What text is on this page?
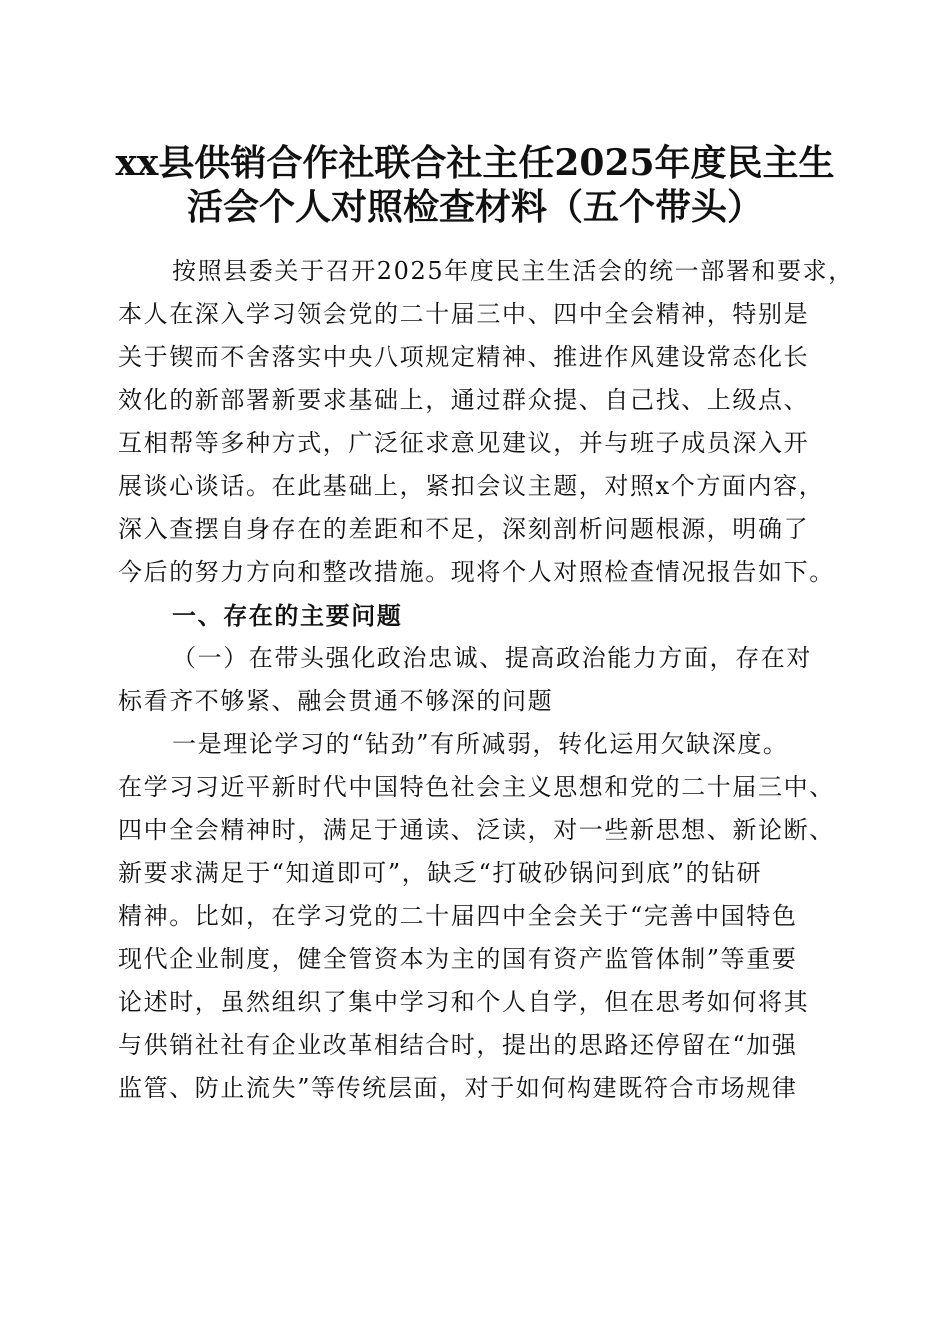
xx县供销合作社联合社主任2025年度民主生
活会个人对照检查材料（五个带头）
按照县委关于召开2025年度民主生活会的统一部署和要求，
本人在深入学习领会党的二十届三中、四中全会精神，特别是
关于锲而不舍落实中央八项规定精神、推进作风建设常态化长
效化的新部署新要求基础上，通过群众提、自己找、上级点、
互相帮等多种方式，广泛征求意见建议，并与班子成员深入开
展谈心谈话。在此基础上，紧扣会议主题，对照x个方面内容，
深入查摆自身存在的差距和不足，深刻剖析问题根源，明确了
今后的努力方向和整改措施。现将个人对照检查情况报告如下。
一、存在的主要问题
（一）在带头强化政治忠诚、提高政治能力方面，存在对
标看齐不够紧、融会贯通不够深的问题
一是理论学习的“钻劲”有所减弱，转化运用欠缺深度。
在学习习近平新时代中国特色社会主义思想和党的二十届三中、
四中全会精神时，满足于通读、泛读，对一些新思想、新论断、
新要求满足于“知道即可”，缺乏“打破砂锅问到底”的钻研
精神。比如，在学习党的二十届四中全会关于“完善中国特色
现代企业制度，健全管资本为主的国有资产监管体制”等重要
论述时，虽然组织了集中学习和个人自学，但在思考如何将其
与供销社社有企业改革相结合时，提出的思路还停留在“加强
监管、防止流失”等传统层面，对于如何构建既符合市场规律
